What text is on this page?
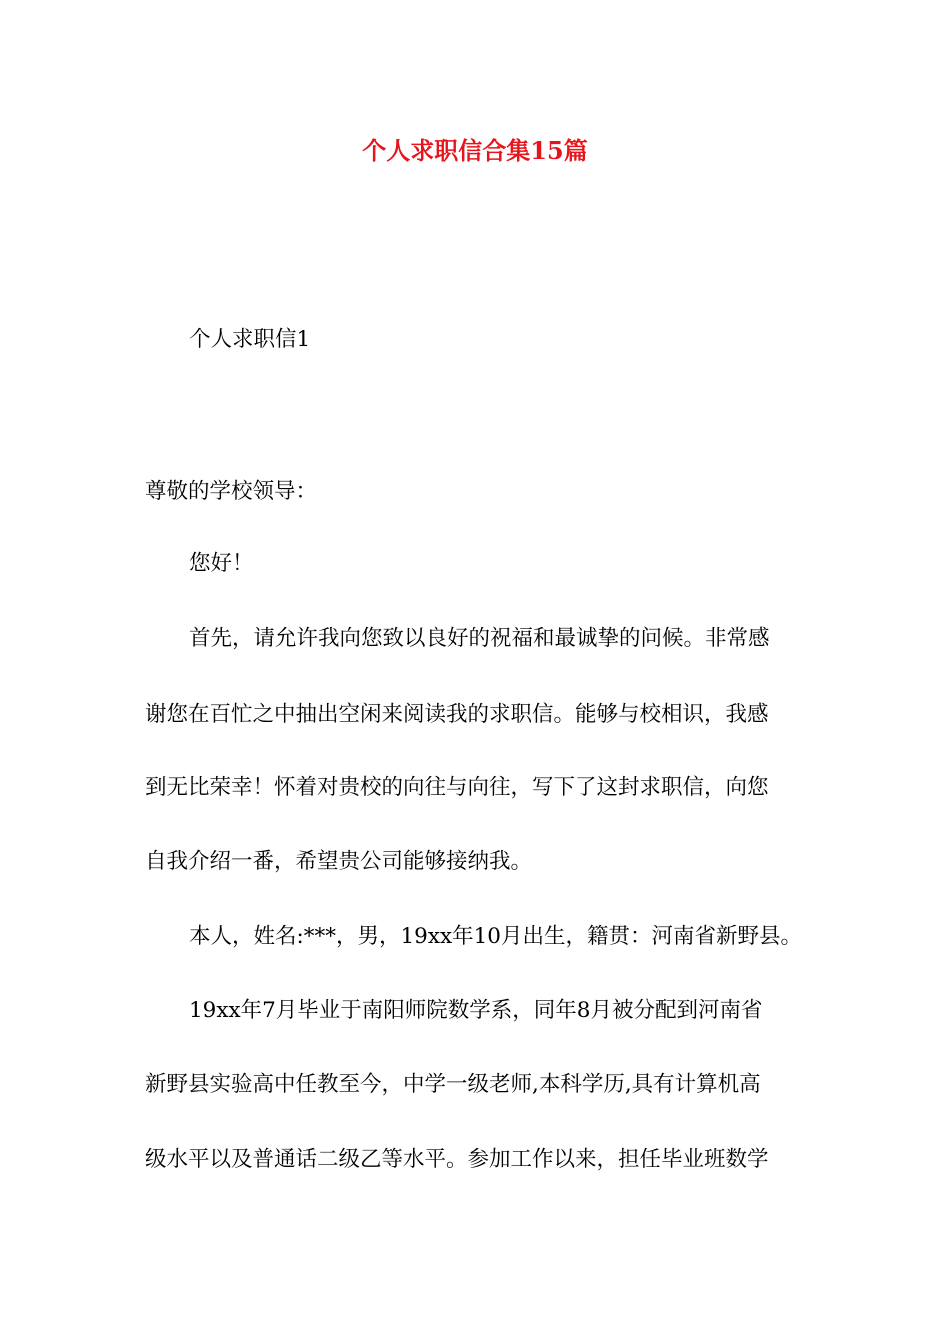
个人求职信合集15篇
个人求职信1
尊敬的学校领导：
您好！
首先，请允许我向您致以良好的祝福和最诚挚的问候。非常感
谢您在百忙之中抽出空闲来阅读我的求职信。能够与校相识，我感
到无比荣幸！怀着对贵校的向往与向往，写下了这封求职信，向您
自我介绍一番，希望贵公司能够接纳我。
本人，姓名:***，男，19xx年10月出生，籍贯：河南省新野县。
19xx年7月毕业于南阳师院数学系，同年8月被分配到河南省
新野县实验高中任教至今，中学一级老师,本科学历,具有计算机高
级水平以及普通话二级乙等水平。参加工作以来，担任毕业班数学
